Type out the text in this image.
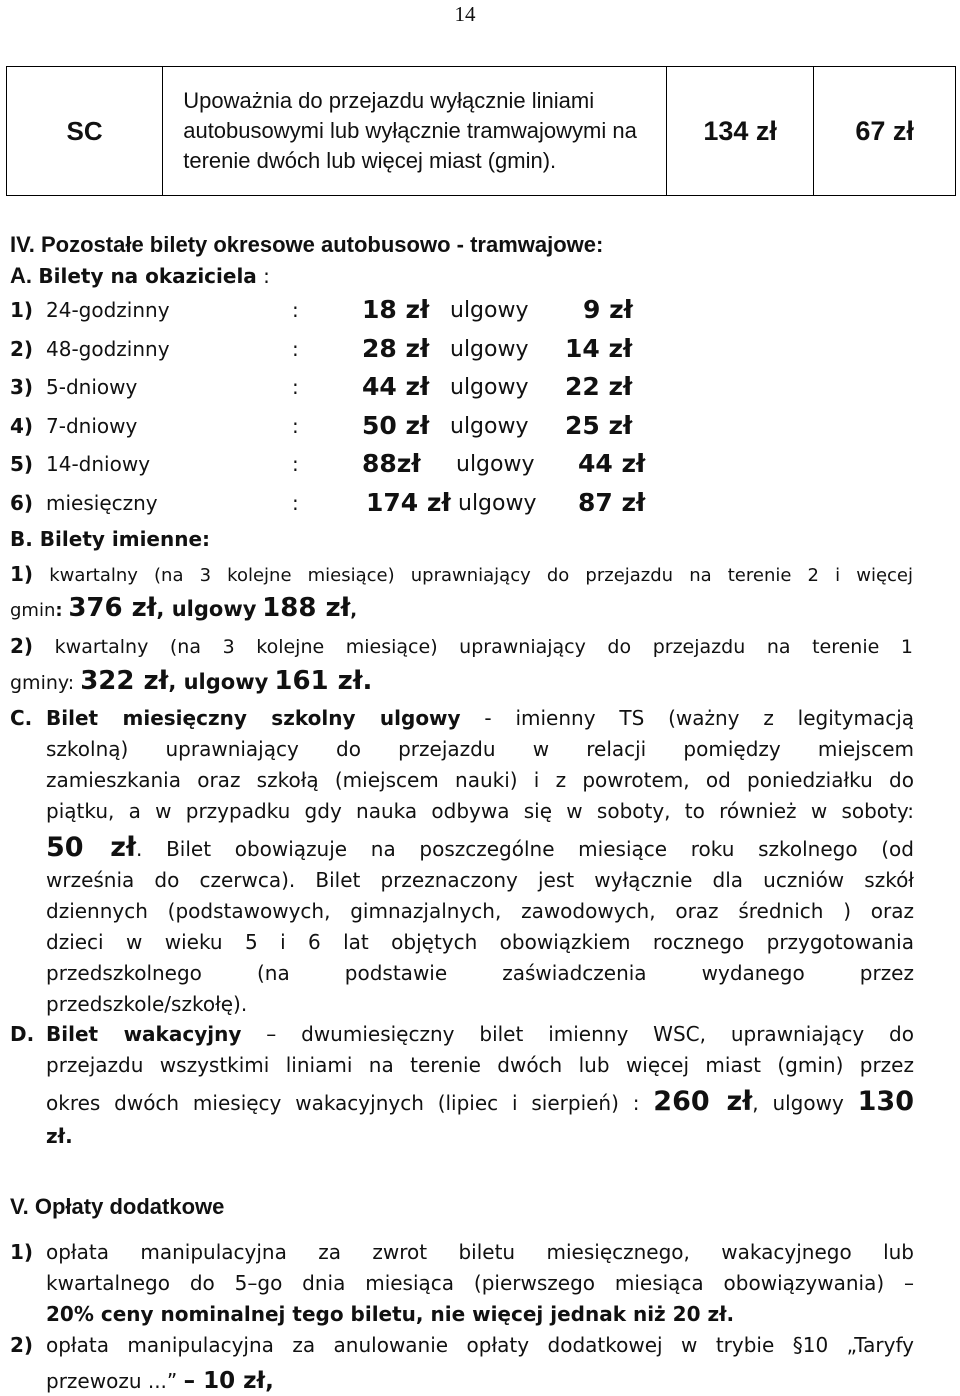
14
SC	Upoważnia do przejazdu wyłącznie liniami autobusowymi lub wyłącznie tramwajowymi na terenie dwóch lub więcej miast (gmin).	134 zł	67 zł
IV. Pozostałe bilety okresowe autobusowo - tramwajowe:
A. Bilety na okaziciela :
1) 24-godzinny	:	18 zł ulgowy 9 zł
2) 48-godzinny	:	28 zł ulgowy 14 zł
3) 5-dniowy	:	44 zł ulgowy 22 zł
4) 7-dniowy	:	50 zł ulgowy 25 zł
5) 14-dniowy	:	88zł ulgowy 44 zł
6) miesięczny	:	174 zł ulgowy 87 zł
B. Bilety imienne:
1) kwartalny (na 3 kolejne miesiące) uprawniający do przejazdu na terenie 2 i więcej
gmin: 376 zł, ulgowy 188 zł,
2) kwartalny (na 3 kolejne miesiące) uprawniający do przejazdu na terenie 1
gminy: 322 zł, ulgowy 161 zł.
C. Bilet miesięczny szkolny ulgowy - imienny TS (ważny z legitymacją
szkolną) uprawniający do przejazdu w relacji pomiędzy miejscem
zamieszkania oraz szkołą (miejscem nauki) i z powrotem, od poniedziałku do
piątku, a w przypadku gdy nauka odbywa się w soboty, to również w soboty:
50 zł. Bilet obowiązuje na poszczególne miesiące roku szkolnego (od
września do czerwca). Bilet przeznaczony jest wyłącznie dla uczniów szkół
dziennych (podstawowych, gimnazjalnych, zawodowych, oraz średnich ) oraz
dzieci w wieku 5 i 6 lat objętych obowiązkiem rocznego przygotowania
przedszkolnego (na podstawie zaświadczenia wydanego przez
przedszkole/szkołę).
D. Bilet wakacyjny – dwumiesięczny bilet imienny WSC, uprawniający do
przejazdu wszystkimi liniami na terenie dwóch lub więcej miast (gmin) przez
okres dwóch miesięcy wakacyjnych (lipiec i sierpień) : 260 zł, ulgowy 130
zł.
V. Opłaty dodatkowe
1) opłata manipulacyjna za zwrot biletu miesięcznego, wakacyjnego lub
kwartalnego do 5–go dnia miesiąca (pierwszego miesiąca obowiązywania) –
20% ceny nominalnej tego biletu, nie więcej jednak niż 20 zł.
2) opłata manipulacyjna za anulowanie opłaty dodatkowej w trybie §10 „Taryfy
przewozu ...” – 10 zł,
